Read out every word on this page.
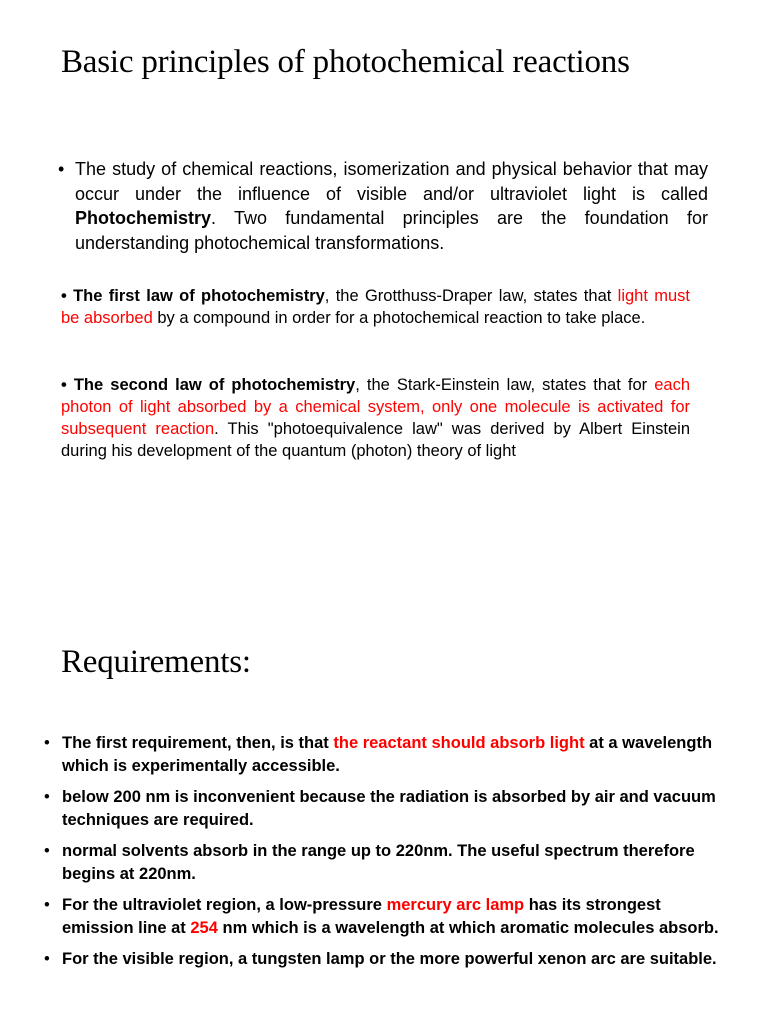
Basic principles of photochemical reactions

• The study of chemical reactions, isomerization and physical behavior that may occur under the influence of visible and/or ultraviolet light is called Photochemistry. Two fundamental principles are the foundation for understanding photochemical transformations.

• The first law of photochemistry, the Grotthuss-Draper law, states that light must be absorbed by a compound in order for a photochemical reaction to take place.

• The second law of photochemistry, the Stark-Einstein law, states that for each photon of light absorbed by a chemical system, only one molecule is activated for subsequent reaction. This "photoequivalence law" was derived by Albert Einstein during his development of the quantum (photon) theory of light

Requirements:
• The first requirement, then, is that the reactant should absorb light at a wavelength which is experimentally accessible.
• below 200 nm is inconvenient because the radiation is absorbed by air and vacuum techniques are required.
• normal solvents absorb in the range up to 220nm. The useful spectrum therefore begins at 220nm.
• For the ultraviolet region, a low-pressure mercury arc lamp has its strongest emission line at 254 nm which is a wavelength at which aromatic molecules absorb.
• For the visible region, a tungsten lamp or the more powerful xenon arc are suitable.
